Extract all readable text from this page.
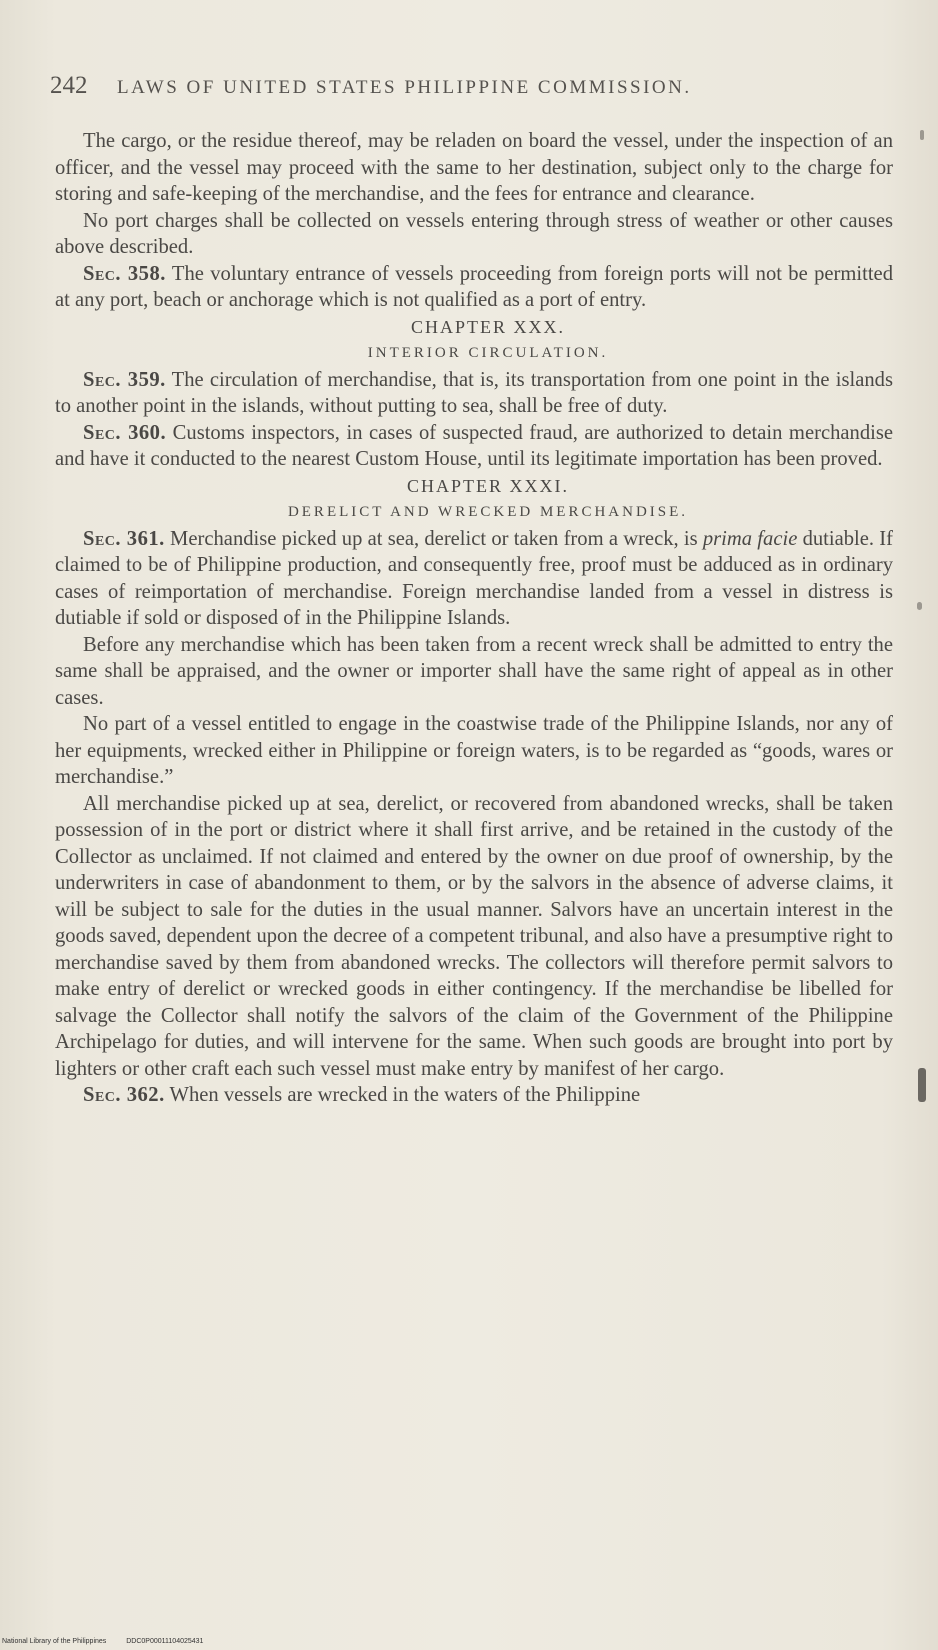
242 LAWS OF UNITED STATES PHILIPPINE COMMISSION.

The cargo, or the residue thereof, may be reladen on board the vessel, under the inspection of an officer, and the vessel may proceed with the same to her destination, subject only to the charge for storing and safe-keeping of the merchandise, and the fees for entrance and clearance.

No port charges shall be collected on vessels entering through stress of weather or other causes above described.

Sec. 358. The voluntary entrance of vessels proceeding from foreign ports will not be permitted at any port, beach or anchorage which is not qualified as a port of entry.

CHAPTER XXX.

INTERIOR CIRCULATION.

Sec. 359. The circulation of merchandise, that is, its transportation from one point in the islands to another point in the islands, without putting to sea, shall be free of duty.

Sec. 360. Customs inspectors, in cases of suspected fraud, are authorized to detain merchandise and have it conducted to the nearest Custom House, until its legitimate importation has been proved.

CHAPTER XXXI.

DERELICT AND WRECKED MERCHANDISE.

Sec. 361. Merchandise picked up at sea, derelict or taken from a wreck, is prima facie dutiable. If claimed to be of Philippine production, and consequently free, proof must be adduced as in ordinary cases of reimportation of merchandise. Foreign merchandise landed from a vessel in distress is dutiable if sold or disposed of in the Philippine Islands.

Before any merchandise which has been taken from a recent wreck shall be admitted to entry the same shall be appraised, and the owner or importer shall have the same right of appeal as in other cases.

No part of a vessel entitled to engage in the coastwise trade of the Philippine Islands, nor any of her equipments, wrecked either in Philippine or foreign waters, is to be regarded as “goods, wares or merchandise.”

All merchandise picked up at sea, derelict, or recovered from abandoned wrecks, shall be taken possession of in the port or district where it shall first arrive, and be retained in the custody of the Collector as unclaimed. If not claimed and entered by the owner on due proof of ownership, by the underwriters in case of abandonment to them, or by the salvors in the absence of adverse claims, it will be subject to sale for the duties in the usual manner. Salvors have an uncertain interest in the goods saved, dependent upon the decree of a competent tribunal, and also have a presumptive right to merchandise saved by them from abandoned wrecks. The collectors will therefore permit salvors to make entry of derelict or wrecked goods in either contingency. If the merchandise be libelled for salvage the Collector shall notify the salvors of the claim of the Government of the Philippine Archipelago for duties, and will intervene for the same. When such goods are brought into port by lighters or other craft each such vessel must make entry by manifest of her cargo.

Sec. 362. When vessels are wrecked in the waters of the Philippine

National Library of the Philippines	DDC0P00011104025431
